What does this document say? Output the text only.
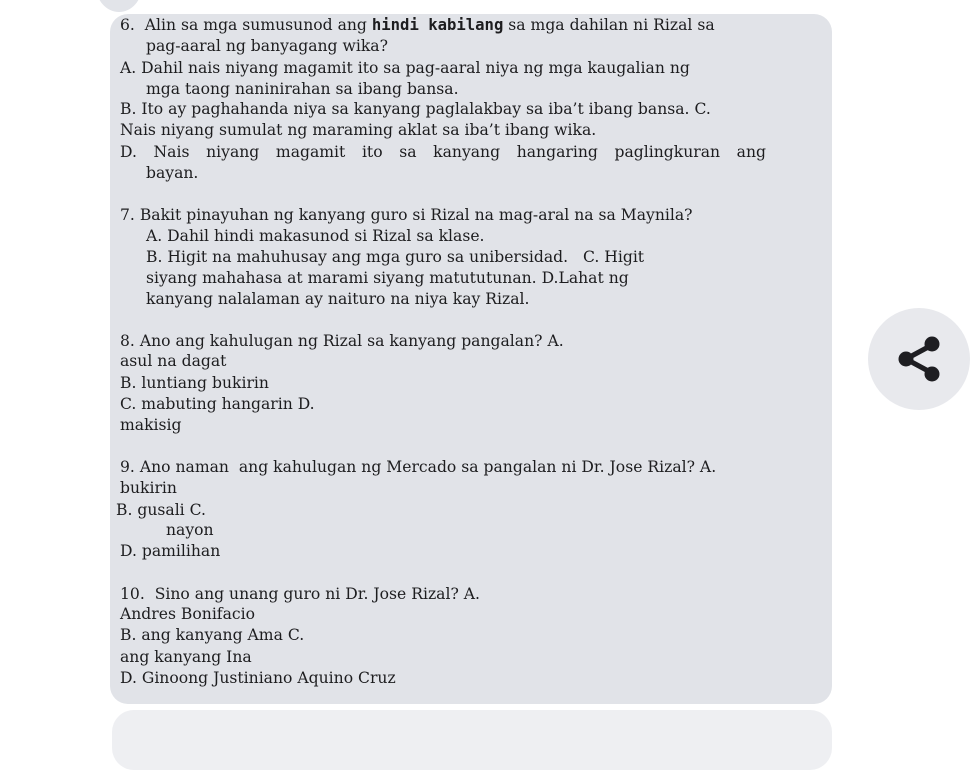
6.  Alin sa mga sumusunod ang hindi kabilang sa mga dahilan ni Rizal sa
pag-aaral ng banyagang wika?
A. Dahil nais niyang magamit ito sa pag-aaral niya ng mga kaugalian ng
mga taong naninirahan sa ibang bansa.
B. Ito ay paghahanda niya sa kanyang paglalakbay sa iba’t ibang bansa. C.
Nais niyang sumulat ng maraming aklat sa iba’t ibang wika.
D. Nais niyang magamit ito sa kanyang hangaring paglingkuran ang
bayan.
7. Bakit pinayuhan ng kanyang guro si Rizal na mag-aral na sa Maynila?
A. Dahil hindi makasunod si Rizal sa klase.
B. Higit na mahuhusay ang mga guro sa unibersidad.   C. Higit
siyang mahahasa at marami siyang matututunan. D.Lahat ng
kanyang nalalaman ay naituro na niya kay Rizal.
8. Ano ang kahulugan ng Rizal sa kanyang pangalan? A.
asul na dagat
B. luntiang bukirin
C. mabuting hangarin D.
makisig
9. Ano naman  ang kahulugan ng Mercado sa pangalan ni Dr. Jose Rizal? A.
bukirin
B. gusali C.
nayon
D. pamilihan
10.  Sino ang unang guro ni Dr. Jose Rizal? A.
Andres Bonifacio
B. ang kanyang Ama C.
ang kanyang Ina
D. Ginoong Justiniano Aquino Cruz
